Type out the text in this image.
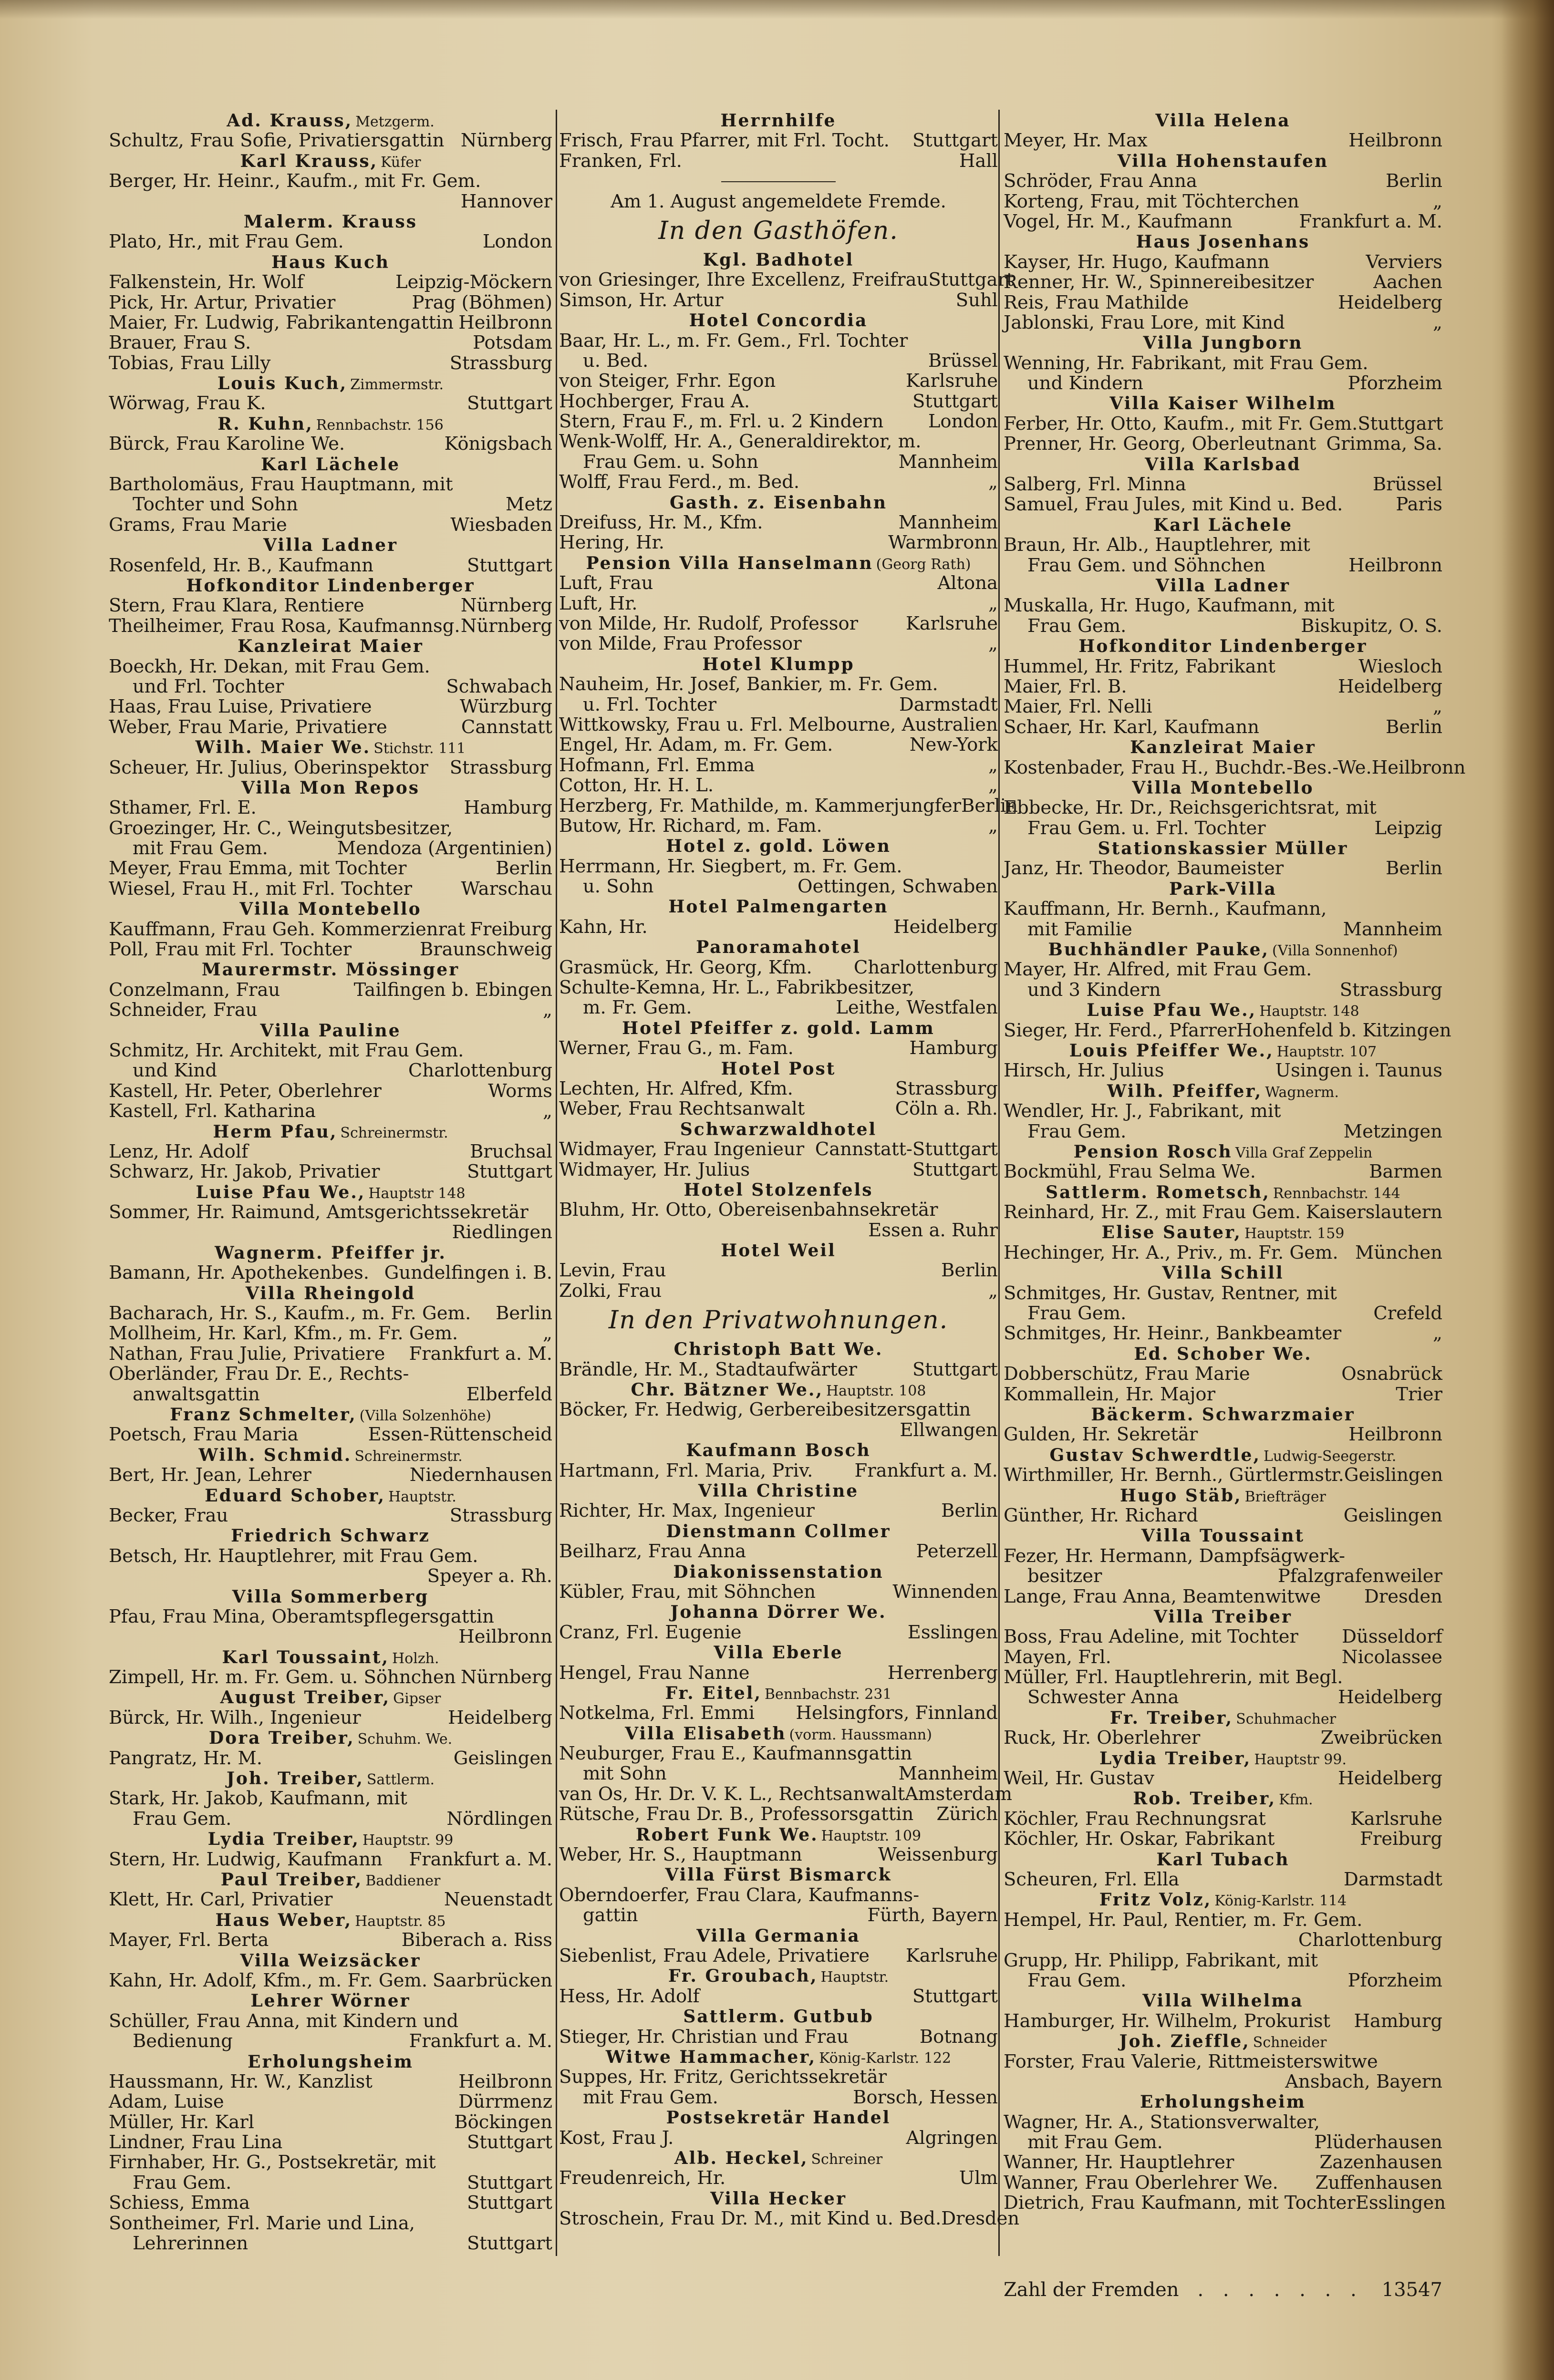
Ad. Krauss, Metzgerm.
Schultz, Frau Sofie, Privatiersgattin Nürnberg
Karl Krauss, Küfer
Berger, Hr. Heinr., Kaufm., mit Fr. Gem.
Hannover
Malerm. Krauss
Plato, Hr., mit Frau Gem.	London
Haus Kuch
Falkenstein, Hr. Wolf	Leipzig-Möckern
Pick, Hr. Artur, Privatier	Prag (Böhmen)
Maier, Fr. Ludwig, Fabrikantengattin Heilbronn
Brauer, Frau S.	Potsdam
Tobias, Frau Lilly	Strassburg
Louis Kuch, Zimmermstr.
Wörwag, Frau K.	Stuttgart
R. Kuhn, Rennbachstr. 156
Bürck, Frau Karoline We.	Königsbach
Karl Lächele
Bartholomäus, Frau Hauptmann, mit
Tochter und Sohn	Metz
Grams, Frau Marie	Wiesbaden
Villa Ladner
Rosenfeld, Hr. B., Kaufmann	Stuttgart
Hofkonditor Lindenberger
Stern, Frau Klara, Rentiere	Nürnberg
Theilheimer, Frau Rosa, Kaufmannsg. Nürnberg
Kanzleirat Maier
Boeckh, Hr. Dekan, mit Frau Gem.
und Frl. Tochter	Schwabach
Haas, Frau Luise, Privatiere	Würzburg
Weber, Frau Marie, Privatiere	Cannstatt
Wilh. Maier We. Stichstr. 111
Scheuer, Hr. Julius, Oberinspektor Strassburg
Villa Mon Repos
Sthamer, Frl. E.	Hamburg
Groezinger, Hr. C., Weingutsbesitzer,
mit Frau Gem.	Mendoza (Argentinien)
Meyer, Frau Emma, mit Tochter	Berlin
Wiesel, Frau H., mit Frl. Tochter	Warschau
Villa Montebello
Kauffmann, Frau Geh. Kommerzienrat Freiburg
Poll, Frau mit Frl. Tochter	Braunschweig
Maurermstr. Mössinger
Conzelmann, Frau	Tailfingen b. Ebingen
Schneider, Frau	„
Villa Pauline
Schmitz, Hr. Architekt, mit Frau Gem.
und Kind	Charlottenburg
Kastell, Hr. Peter, Oberlehrer	Worms
Kastell, Frl. Katharina	„
Herm Pfau, Schreinermstr.
Lenz, Hr. Adolf	Bruchsal
Schwarz, Hr. Jakob, Privatier	Stuttgart
Luise Pfau We., Hauptstr 148
Sommer, Hr. Raimund, Amtsgerichtssekretär
Riedlingen
Wagnerm. Pfeiffer jr.
Bamann, Hr. Apothekenbes. Gundelfingen i. B.
Villa Rheingold
Bacharach, Hr. S., Kaufm., m. Fr. Gem. Berlin
Mollheim, Hr. Karl, Kfm., m. Fr. Gem.	„
Nathan, Frau Julie, Privatiere Frankfurt a. M.
Oberländer, Frau Dr. E., Rechts-
anwaltsgattin	Elberfeld
Franz Schmelter, (Villa Solzenhöhe)
Poetsch, Frau Maria	Essen-Rüttenscheid
Wilh. Schmid. Schreinermstr.
Bert, Hr. Jean, Lehrer	Niedernhausen
Eduard Schober, Hauptstr.
Becker, Frau	Strassburg
Friedrich Schwarz
Betsch, Hr. Hauptlehrer, mit Frau Gem.
Speyer a. Rh.
Villa Sommerberg
Pfau, Frau Mina, Oberamtspflegersgattin
Heilbronn
Karl Toussaint, Holzh.
Zimpell, Hr. m. Fr. Gem. u. Söhnchen Nürnberg
August Treiber, Gipser
Bürck, Hr. Wilh., Ingenieur	Heidelberg
Dora Treiber, Schuhm. We.
Pangratz, Hr. M.	Geislingen
Joh. Treiber, Sattlerm.
Stark, Hr. Jakob, Kaufmann, mit
Frau Gem.	Nördlingen
Lydia Treiber, Hauptstr. 99
Stern, Hr. Ludwig, Kaufmann Frankfurt a. M.
Paul Treiber, Baddiener
Klett, Hr. Carl, Privatier	Neuenstadt
Haus Weber, Hauptstr. 85
Mayer, Frl. Berta	Biberach a. Riss
Villa Weizsäcker
Kahn, Hr. Adolf, Kfm., m. Fr. Gem. Saarbrücken
Lehrer Wörner
Schüller, Frau Anna, mit Kindern und
Bedienung	Frankfurt a. M.
Erholungsheim
Haussmann, Hr. W., Kanzlist	Heilbronn
Adam, Luise	Dürrmenz
Müller, Hr. Karl	Böckingen
Lindner, Frau Lina	Stuttgart
Firnhaber, Hr. G., Postsekretär, mit
Frau Gem.	Stuttgart
Schiess, Emma	Stuttgart
Sontheimer, Frl. Marie und Lina,
Lehrerinnen	Stuttgart
Herrnhilfe
Frisch, Frau Pfarrer, mit Frl. Tocht. Stuttgart
Franken, Frl.	Hall
Am 1. August angemeldete Fremde.
In den Gasthöfen.
Kgl. Badhotel
von Griesinger, Ihre Excellenz, Freifrau Stuttgart
Simson, Hr. Artur	Suhl
Hotel Concordia
Baar, Hr. L., m. Fr. Gem., Frl. Tochter
u. Bed.	Brüssel
von Steiger, Frhr. Egon	Karlsruhe
Hochberger, Frau A.	Stuttgart
Stern, Frau F., m. Frl. u. 2 Kindern London
Wenk-Wolff, Hr. A., Generaldirektor, m.
Frau Gem. u. Sohn	Mannheim
Wolff, Frau Ferd., m. Bed.	„
Gasth. z. Eisenbahn
Dreifuss, Hr. M., Kfm.	Mannheim
Hering, Hr.	Warmbronn
Pension Villa Hanselmann (Georg Rath)
Luft, Frau	Altona
Luft, Hr.	„
von Milde, Hr. Rudolf, Professor	Karlsruhe
von Milde, Frau Professor	„
Hotel Klumpp
Nauheim, Hr. Josef, Bankier, m. Fr. Gem.
u. Frl. Tochter	Darmstadt
Wittkowsky, Frau u. Frl. Melbourne, Australien
Engel, Hr. Adam, m. Fr. Gem.	New-York
Hofmann, Frl. Emma	„
Cotton, Hr. H. L.	„
Herzberg, Fr. Mathilde, m. Kammerjungfer Berlin
Butow, Hr. Richard, m. Fam.	„
Hotel z. gold. Löwen
Herrmann, Hr. Siegbert, m. Fr. Gem.
u. Sohn	Oettingen, Schwaben
Hotel Palmengarten
Kahn, Hr.	Heidelberg
Panoramahotel
Grasmück, Hr. Georg, Kfm. Charlottenburg
Schulte-Kemna, Hr. L., Fabrikbesitzer,
m. Fr. Gem.	Leithe, Westfalen
Hotel Pfeiffer z. gold. Lamm
Werner, Frau G., m. Fam.	Hamburg
Hotel Post
Lechten, Hr. Alfred, Kfm.	Strassburg
Weber, Frau Rechtsanwalt	Cöln a. Rh.
Schwarzwaldhotel
Widmayer, Frau Ingenieur Cannstatt-Stuttgart
Widmayer, Hr. Julius	Stuttgart
Hotel Stolzenfels
Bluhm, Hr. Otto, Obereisenbahnsekretär
Essen a. Ruhr
Hotel Weil
Levin, Frau	Berlin
Zolki, Frau	„
In den Privatwohnungen.
Christoph Batt We.
Brändle, Hr. M., Stadtaufwärter	Stuttgart
Chr. Bätzner We., Hauptstr. 108
Böcker, Fr. Hedwig, Gerbereibesitzersgattin
Ellwangen
Kaufmann Bosch
Hartmann, Frl. Maria, Priv. Frankfurt a. M.
Villa Christine
Richter, Hr. Max, Ingenieur	Berlin
Dienstmann Collmer
Beilharz, Frau Anna	Peterzell
Diakonissenstation
Kübler, Frau, mit Söhnchen	Winnenden
Johanna Dörrer We.
Cranz, Frl. Eugenie	Esslingen
Villa Eberle
Hengel, Frau Nanne	Herrenberg
Fr. Eitel, Bennbachstr. 231
Notkelma, Frl. Emmi Helsingfors, Finnland
Villa Elisabeth (vorm. Haussmann)
Neuburger, Frau E., Kaufmannsgattin
mit Sohn	Mannheim
van Os, Hr. Dr. V. K. L., Rechtsanwalt Amsterdam
Rütsche, Frau Dr. B., Professorsgattin Zürich
Robert Funk We. Hauptstr. 109
Weber, Hr. S., Hauptmann	Weissenburg
Villa Fürst Bismarck
Oberndoerfer, Frau Clara, Kaufmanns-
gattin	Fürth, Bayern
Villa Germania
Siebenlist, Frau Adele, Privatiere Karlsruhe
Fr. Groubach, Hauptstr.
Hess, Hr. Adolf	Stuttgart
Sattlerm. Gutbub
Stieger, Hr. Christian und Frau	Botnang
Witwe Hammacher, König-Karlstr. 122
Suppes, Hr. Fritz, Gerichtssekretär
mit Frau Gem.	Borsch, Hessen
Postsekretär Handel
Kost, Frau J.	Algringen
Alb. Heckel, Schreiner
Freudenreich, Hr.	Ulm
Villa Hecker
Stroschein, Frau Dr. M., mit Kind u. Bed. Dresden
Villa Helena
Meyer, Hr. Max	Heilbronn
Villa Hohenstaufen
Schröder, Frau Anna	Berlin
Korteng, Frau, mit Töchterchen	„
Vogel, Hr. M., Kaufmann	Frankfurt a. M.
Haus Josenhans
Kayser, Hr. Hugo, Kaufmann	Verviers
Renner, Hr. W., Spinnereibesitzer	Aachen
Reis, Frau Mathilde	Heidelberg
Jablonski, Frau Lore, mit Kind	„
Villa Jungborn
Wenning, Hr. Fabrikant, mit Frau Gem.
und Kindern	Pforzheim
Villa Kaiser Wilhelm
Ferber, Hr. Otto, Kaufm., mit Fr. Gem. Stuttgart
Prenner, Hr. Georg, Oberleutnant Grimma, Sa.
Villa Karlsbad
Salberg, Frl. Minna	Brüssel
Samuel, Frau Jules, mit Kind u. Bed.	Paris
Karl Lächele
Braun, Hr. Alb., Hauptlehrer, mit
Frau Gem. und Söhnchen	Heilbronn
Villa Ladner
Muskalla, Hr. Hugo, Kaufmann, mit
Frau Gem.	Biskupitz, O. S.
Hofkonditor Lindenberger
Hummel, Hr. Fritz, Fabrikant	Wiesloch
Maier, Frl. B.	Heidelberg
Maier, Frl. Nelli	„
Schaer, Hr. Karl, Kaufmann	Berlin
Kanzleirat Maier
Kostenbader, Frau H., Buchdr.-Bes.-We. Heilbronn
Villa Montebello
Ebbecke, Hr. Dr., Reichsgerichtsrat, mit
Frau Gem. u. Frl. Tochter	Leipzig
Stationskassier Müller
Janz, Hr. Theodor, Baumeister	Berlin
Park-Villa
Kauffmann, Hr. Bernh., Kaufmann,
mit Familie	Mannheim
Buchhändler Pauke, (Villa Sonnenhof)
Mayer, Hr. Alfred, mit Frau Gem.
und 3 Kindern	Strassburg
Luise Pfau We., Hauptstr. 148
Sieger, Hr. Ferd., Pfarrer Hohenfeld b. Kitzingen
Louis Pfeiffer We., Hauptstr. 107
Hirsch, Hr. Julius	Usingen i. Taunus
Wilh. Pfeiffer, Wagnerm.
Wendler, Hr. J., Fabrikant, mit
Frau Gem.	Metzingen
Pension Rosch Villa Graf Zeppelin
Bockmühl, Frau Selma We.	Barmen
Sattlerm. Rometsch, Rennbachstr. 144
Reinhard, Hr. Z., mit Frau Gem. Kaiserslautern
Elise Sauter, Hauptstr. 159
Hechinger, Hr. A., Priv., m. Fr. Gem. München
Villa Schill
Schmitges, Hr. Gustav, Rentner, mit
Frau Gem.	Crefeld
Schmitges, Hr. Heinr., Bankbeamter	„
Ed. Schober We.
Dobberschütz, Frau Marie	Osnabrück
Kommallein, Hr. Major	Trier
Bäckerm. Schwarzmaier
Gulden, Hr. Sekretär	Heilbronn
Gustav Schwerdtle, Ludwig-Seegerstr.
Wirthmiller, Hr. Bernh., Gürtlermstr. Geislingen
Hugo Stäb, Briefträger
Günther, Hr. Richard	Geislingen
Villa Toussaint
Fezer, Hr. Hermann, Dampfsägwerk-
besitzer	Pfalzgrafenweiler
Lange, Frau Anna, Beamtenwitwe Dresden
Villa Treiber
Boss, Frau Adeline, mit Tochter Düsseldorf
Mayen, Frl.	Nicolassee
Müller, Frl. Hauptlehrerin, mit Begl.
Schwester Anna	Heidelberg
Fr. Treiber, Schuhmacher
Ruck, Hr. Oberlehrer	Zweibrücken
Lydia Treiber, Hauptstr 99.
Weil, Hr. Gustav	Heidelberg
Rob. Treiber, Kfm.
Köchler, Frau Rechnungsrat	Karlsruhe
Köchler, Hr. Oskar, Fabrikant	Freiburg
Karl Tubach
Scheuren, Frl. Ella	Darmstadt
Fritz Volz, König-Karlstr. 114
Hempel, Hr. Paul, Rentier, m. Fr. Gem.
Charlottenburg
Grupp, Hr. Philipp, Fabrikant, mit
Frau Gem.	Pforzheim
Villa Wilhelma
Hamburger, Hr. Wilhelm, Prokurist Hamburg
Joh. Zieffle, Schneider
Forster, Frau Valerie, Rittmeisterswitwe
Ansbach, Bayern
Erholungsheim
Wagner, Hr. A., Stationsverwalter,
mit Frau Gem.	Plüderhausen
Wanner, Hr. Hauptlehrer	Zazenhausen
Wanner, Frau Oberlehrer We. Zuffenhausen
Dietrich, Frau Kaufmann, mit Tochter Esslingen
Zahl der Fremden . . . . . . . 13547
